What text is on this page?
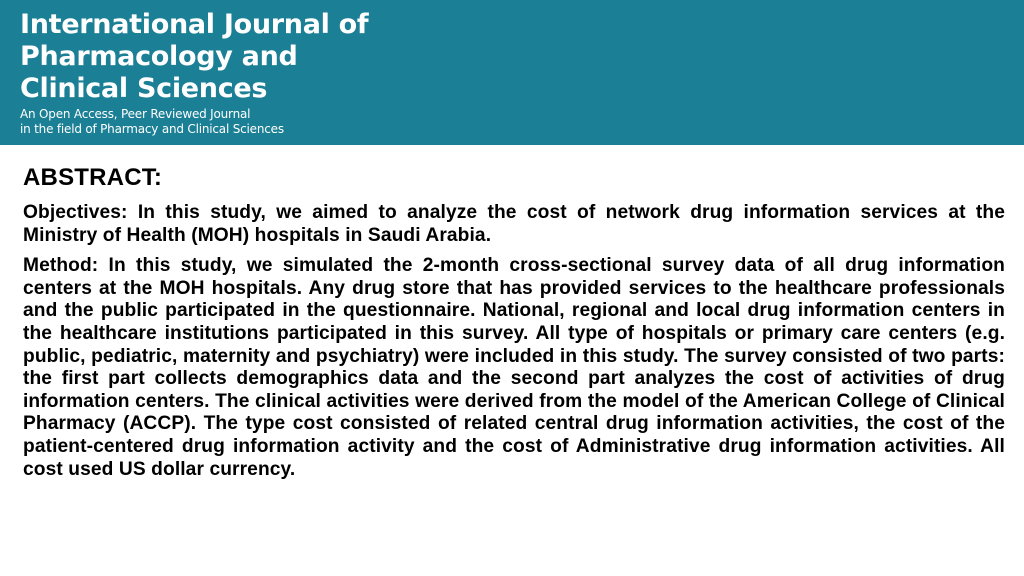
International Journal of
Pharmacology and
Clinical Sciences
An Open Access, Peer Reviewed Journal
in the field of Pharmacy and Clinical Sciences
ABSTRACT:

Objectives: In this study, we aimed to analyze the cost of network drug information services at the Ministry of Health (MOH) hospitals in Saudi Arabia.

Method: In this study, we simulated the 2-month cross-sectional survey data of all drug information centers at the MOH hospitals. Any drug store that has provided services to the healthcare professionals and the public participated in the questionnaire. National, regional and local drug information centers in the healthcare institutions participated in this survey. All type of hospitals or primary care centers (e.g. public, pediatric, maternity and psychiatry) were included in this study. The survey consisted of two parts: the first part collects demographics data and the second part analyzes the cost of activities of drug information centers. The clinical activities were derived from the model of the American College of Clinical Pharmacy (ACCP). The type cost consisted of related central drug information activities, the cost of the patient-centered drug information activity and the cost of Administrative drug information activities. All cost used US dollar currency.
